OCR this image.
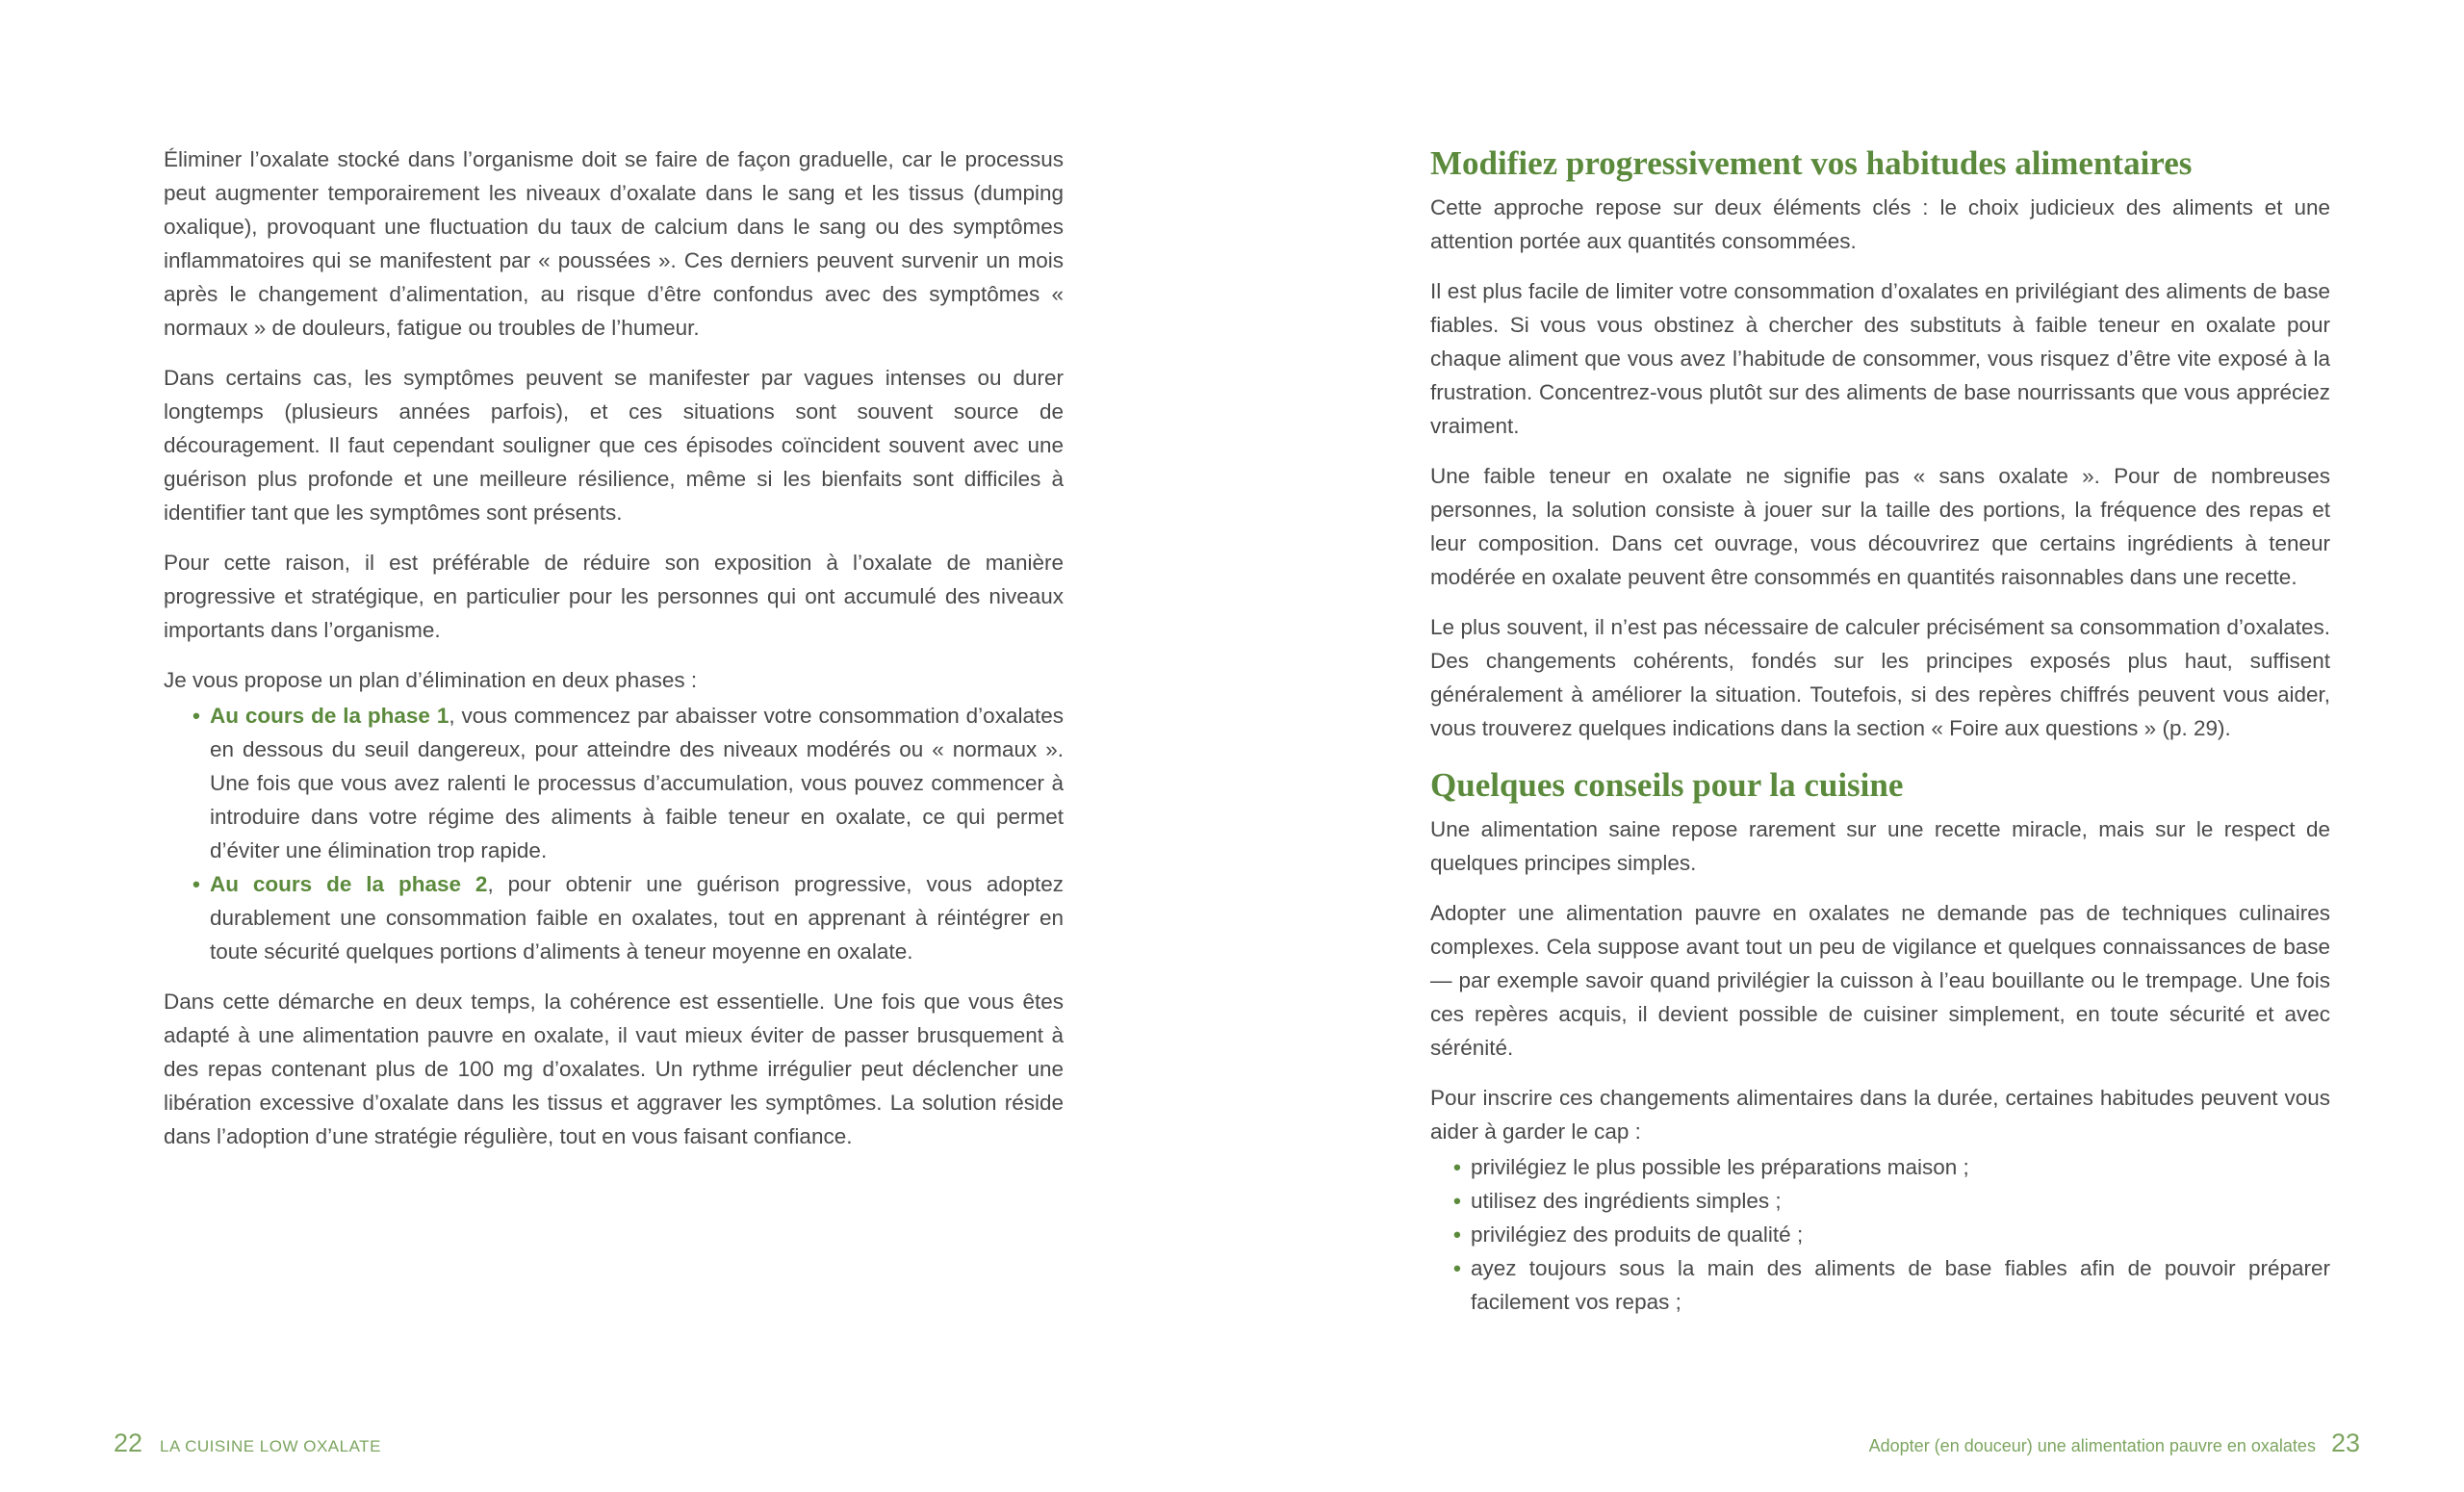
Éliminer l’oxalate stocké dans l’organisme doit se faire de façon graduelle, car le processus peut augmenter temporairement les niveaux d’oxalate dans le sang et les tissus (dumping oxalique), provoquant une fluctuation du taux de calcium dans le sang ou des symptômes inflammatoires qui se manifestent par « poussées ». Ces derniers peuvent survenir un mois après le changement d’alimentation, au risque d’être confondus avec des symptômes « normaux » de douleurs, fatigue ou troubles de l’humeur.

Dans certains cas, les symptômes peuvent se manifester par vagues intenses ou durer longtemps (plusieurs années parfois), et ces situations sont souvent source de découragement. Il faut cependant souligner que ces épisodes coïncident souvent avec une guérison plus profonde et une meilleure résilience, même si les bienfaits sont difficiles à identifier tant que les symptômes sont présents.

Pour cette raison, il est préférable de réduire son exposition à l’oxalate de manière progressive et stratégique, en particulier pour les personnes qui ont accumulé des niveaux importants dans l’organisme.

Je vous propose un plan d’élimination en deux phases :

• Au cours de la phase 1, vous commencez par abaisser votre consommation d’oxalates en dessous du seuil dangereux, pour atteindre des niveaux modérés ou « normaux ». Une fois que vous avez ralenti le processus d’accumulation, vous pouvez commencer à introduire dans votre régime des aliments à faible teneur en oxalate, ce qui permet d’éviter une élimination trop rapide.
• Au cours de la phase 2, pour obtenir une guérison progressive, vous adoptez durablement une consommation faible en oxalates, tout en apprenant à réintégrer en toute sécurité quelques portions d’aliments à teneur moyenne en oxalate.

Dans cette démarche en deux temps, la cohérence est essentielle. Une fois que vous êtes adapté à une alimentation pauvre en oxalate, il vaut mieux éviter de passer brusquement à des repas contenant plus de 100 mg d’oxalates. Un rythme irrégulier peut déclencher une libération excessive d’oxalate dans les tissus et aggraver les symptômes. La solution réside dans l’adoption d’une stratégie régulière, tout en vous faisant confiance.

22 LA CUISINE LOW OXALATE
Modifiez progressivement vos habitudes alimentaires

Cette approche repose sur deux éléments clés : le choix judicieux des aliments et une attention portée aux quantités consommées.

Il est plus facile de limiter votre consommation d’oxalates en privilégiant des aliments de base fiables. Si vous vous obstinez à chercher des substituts à faible teneur en oxalate pour chaque aliment que vous avez l’habitude de consommer, vous risquez d’être vite exposé à la frustration. Concentrez-vous plutôt sur des aliments de base nourrissants que vous appréciez vraiment.

Une faible teneur en oxalate ne signifie pas « sans oxalate ». Pour de nombreuses personnes, la solution consiste à jouer sur la taille des portions, la fréquence des repas et leur composition. Dans cet ouvrage, vous découvrirez que certains ingrédients à teneur modérée en oxalate peuvent être consommés en quantités raisonnables dans une recette.

Le plus souvent, il n’est pas nécessaire de calculer précisément sa consommation d’oxalates. Des changements cohérents, fondés sur les principes exposés plus haut, suffisent généralement à améliorer la situation. Toutefois, si des repères chiffrés peuvent vous aider, vous trouverez quelques indications dans la section « Foire aux questions » (p. 29).

Quelques conseils pour la cuisine

Une alimentation saine repose rarement sur une recette miracle, mais sur le respect de quelques principes simples.

Adopter une alimentation pauvre en oxalates ne demande pas de techniques culinaires complexes. Cela suppose avant tout un peu de vigilance et quelques connaissances de base — par exemple savoir quand privilégier la cuisson à l’eau bouillante ou le trempage. Une fois ces repères acquis, il devient possible de cuisiner simplement, en toute sécurité et avec sérénité.

Pour inscrire ces changements alimentaires dans la durée, certaines habitudes peuvent vous aider à garder le cap :

• privilégiez le plus possible les préparations maison ;
• utilisez des ingrédients simples ;
• privilégiez des produits de qualité ;
• ayez toujours sous la main des aliments de base fiables afin de pouvoir préparer facilement vos repas ;
Adopter (en douceur) une alimentation pauvre en oxalates 23
